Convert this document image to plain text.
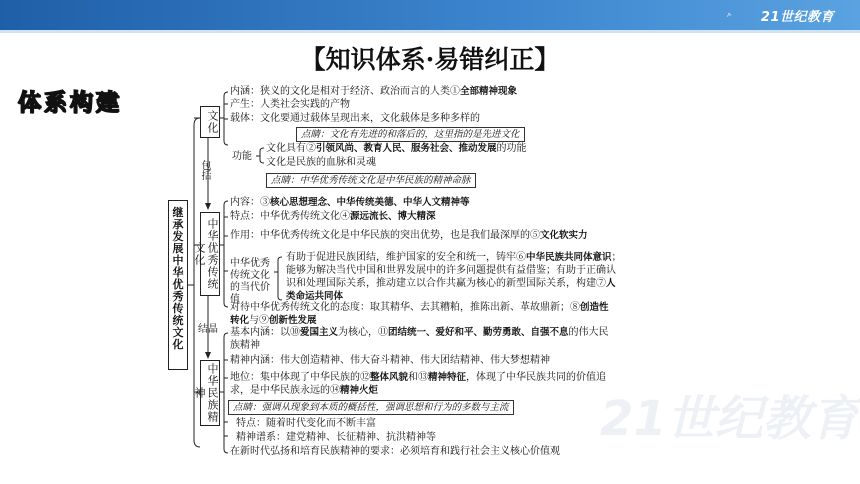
21世纪教育
【知识体系·易错纠正】
体系构建
21世纪教育
继承发展中华优秀传统文化
文化
中华优秀传统文化
中华民族精神
包括
结晶
内涵：狭义的文化是相对于经济、政治而言的人类①全部精神现象
产生：人类社会实践的产物
载体：文化要通过载体呈现出来，文化载体是多种多样的
点睛：文化有先进的和落后的，这里指的是先进文化
功能
文化具有②引领风尚、教育人民、服务社会、推动发展的功能
文化是民族的血脉和灵魂
点睛：中华优秀传统文化是中华民族的精神命脉
内容：③核心思想理念、中华传统美德、中华人文精神等
特点：中华优秀传统文化④源远流长、博大精深
作用：中华优秀传统文化是中华民族的突出优势，也是我们最深厚的⑤文化软实力
中华优秀传统文化的当代价值
有助于促进民族团结，维护国家的安全和统一，铸牢⑥中华民族共同体意识；
能够为解决当代中国和世界发展中的许多问题提供有益借鉴；有助于正确认
识和处理国际关系，推动建立以合作共赢为核心的新型国际关系，构建⑦人
类命运共同体
对待中华优秀传统文化的态度：取其精华、去其糟粕，推陈出新、革故鼎新；⑧创造性
转化与⑨创新性发展
基本内涵：以⑩爱国主义为核心，⑪团结统一、爱好和平、勤劳勇敢、自强不息的伟大民
族精神
精神内涵：伟大创造精神、伟大奋斗精神、伟大团结精神、伟大梦想精神
地位：集中体现了中华民族的⑫整体风貌和⑬精神特征，体现了中华民族共同的价值追
求，是中华民族永远的⑭精神火炬
点睛：强调从现象到本质的概括性，强调思想和行为的多数与主流
特点：随着时代变化而不断丰富
精神谱系：建党精神、长征精神、抗洪精神等
在新时代弘扬和培育民族精神的要求：必须培育和践行社会主义核心价值观
